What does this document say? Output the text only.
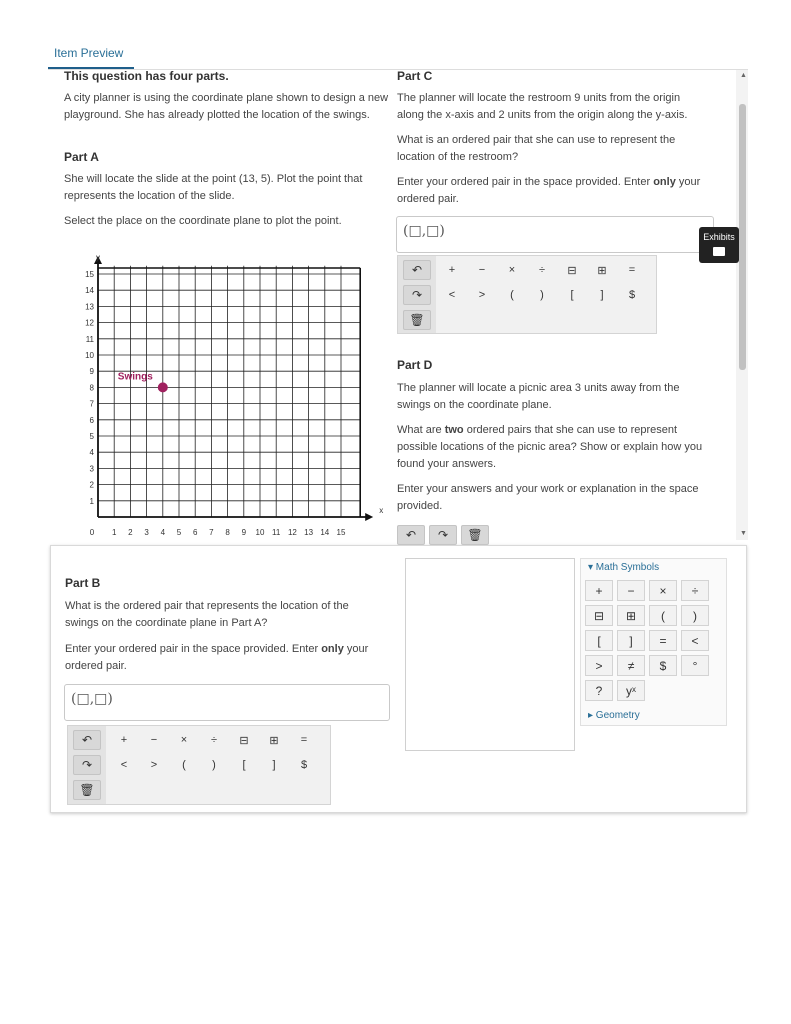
Item Preview
This question has four parts.
A city planner is using the coordinate plane shown to design a new playground. She has already plotted the location of the swings.
Part A
She will locate the slide at the point (13, 5). Plot the point that represents the location of the slide.
Select the place on the coordinate plane to plot the point.
0 1 2 3 4 5 6 7 8 9 10 11 12 13 14 15
15
14
13
12
11
10
9
8
7
6
5
4
3
2
1
y
x
Swings
▲
▼
Part C
The planner will locate the restroom 9 units from the origin along the x-axis and 2 units from the origin along the y-axis.
What is an ordered pair that she can use to represent the location of the restroom?
Enter your ordered pair in the space provided. Enter only your ordered pair.
(□,□)
↶
↷
🗑
+	−	×	÷	⊟	⊞	=
<	>	(	)	[	]	$
Exhibits
Part D
The planner will locate a picnic area 3 units away from the swings on the coordinate plane.
What are two ordered pairs that she can use to represent possible locations of the picnic area? Show or explain how you found your answers.
Enter your answers and your work or explanation in the space provided.
↶ ↷ 🗑
Part B
What is the ordered pair that represents the location of the swings on the coordinate plane in Part A?
Enter your ordered pair in the space provided. Enter only your ordered pair.
(□,□)
↶
↷
🗑
+	−	×	÷	⊟	⊞	=
<	>	(	)	[	]	$
▾ Math Symbols
+	−	×	÷
⊟	⊞	(	)
[	]	=	<
>	≠	$	°
?	yˣ
▸ Geometry
